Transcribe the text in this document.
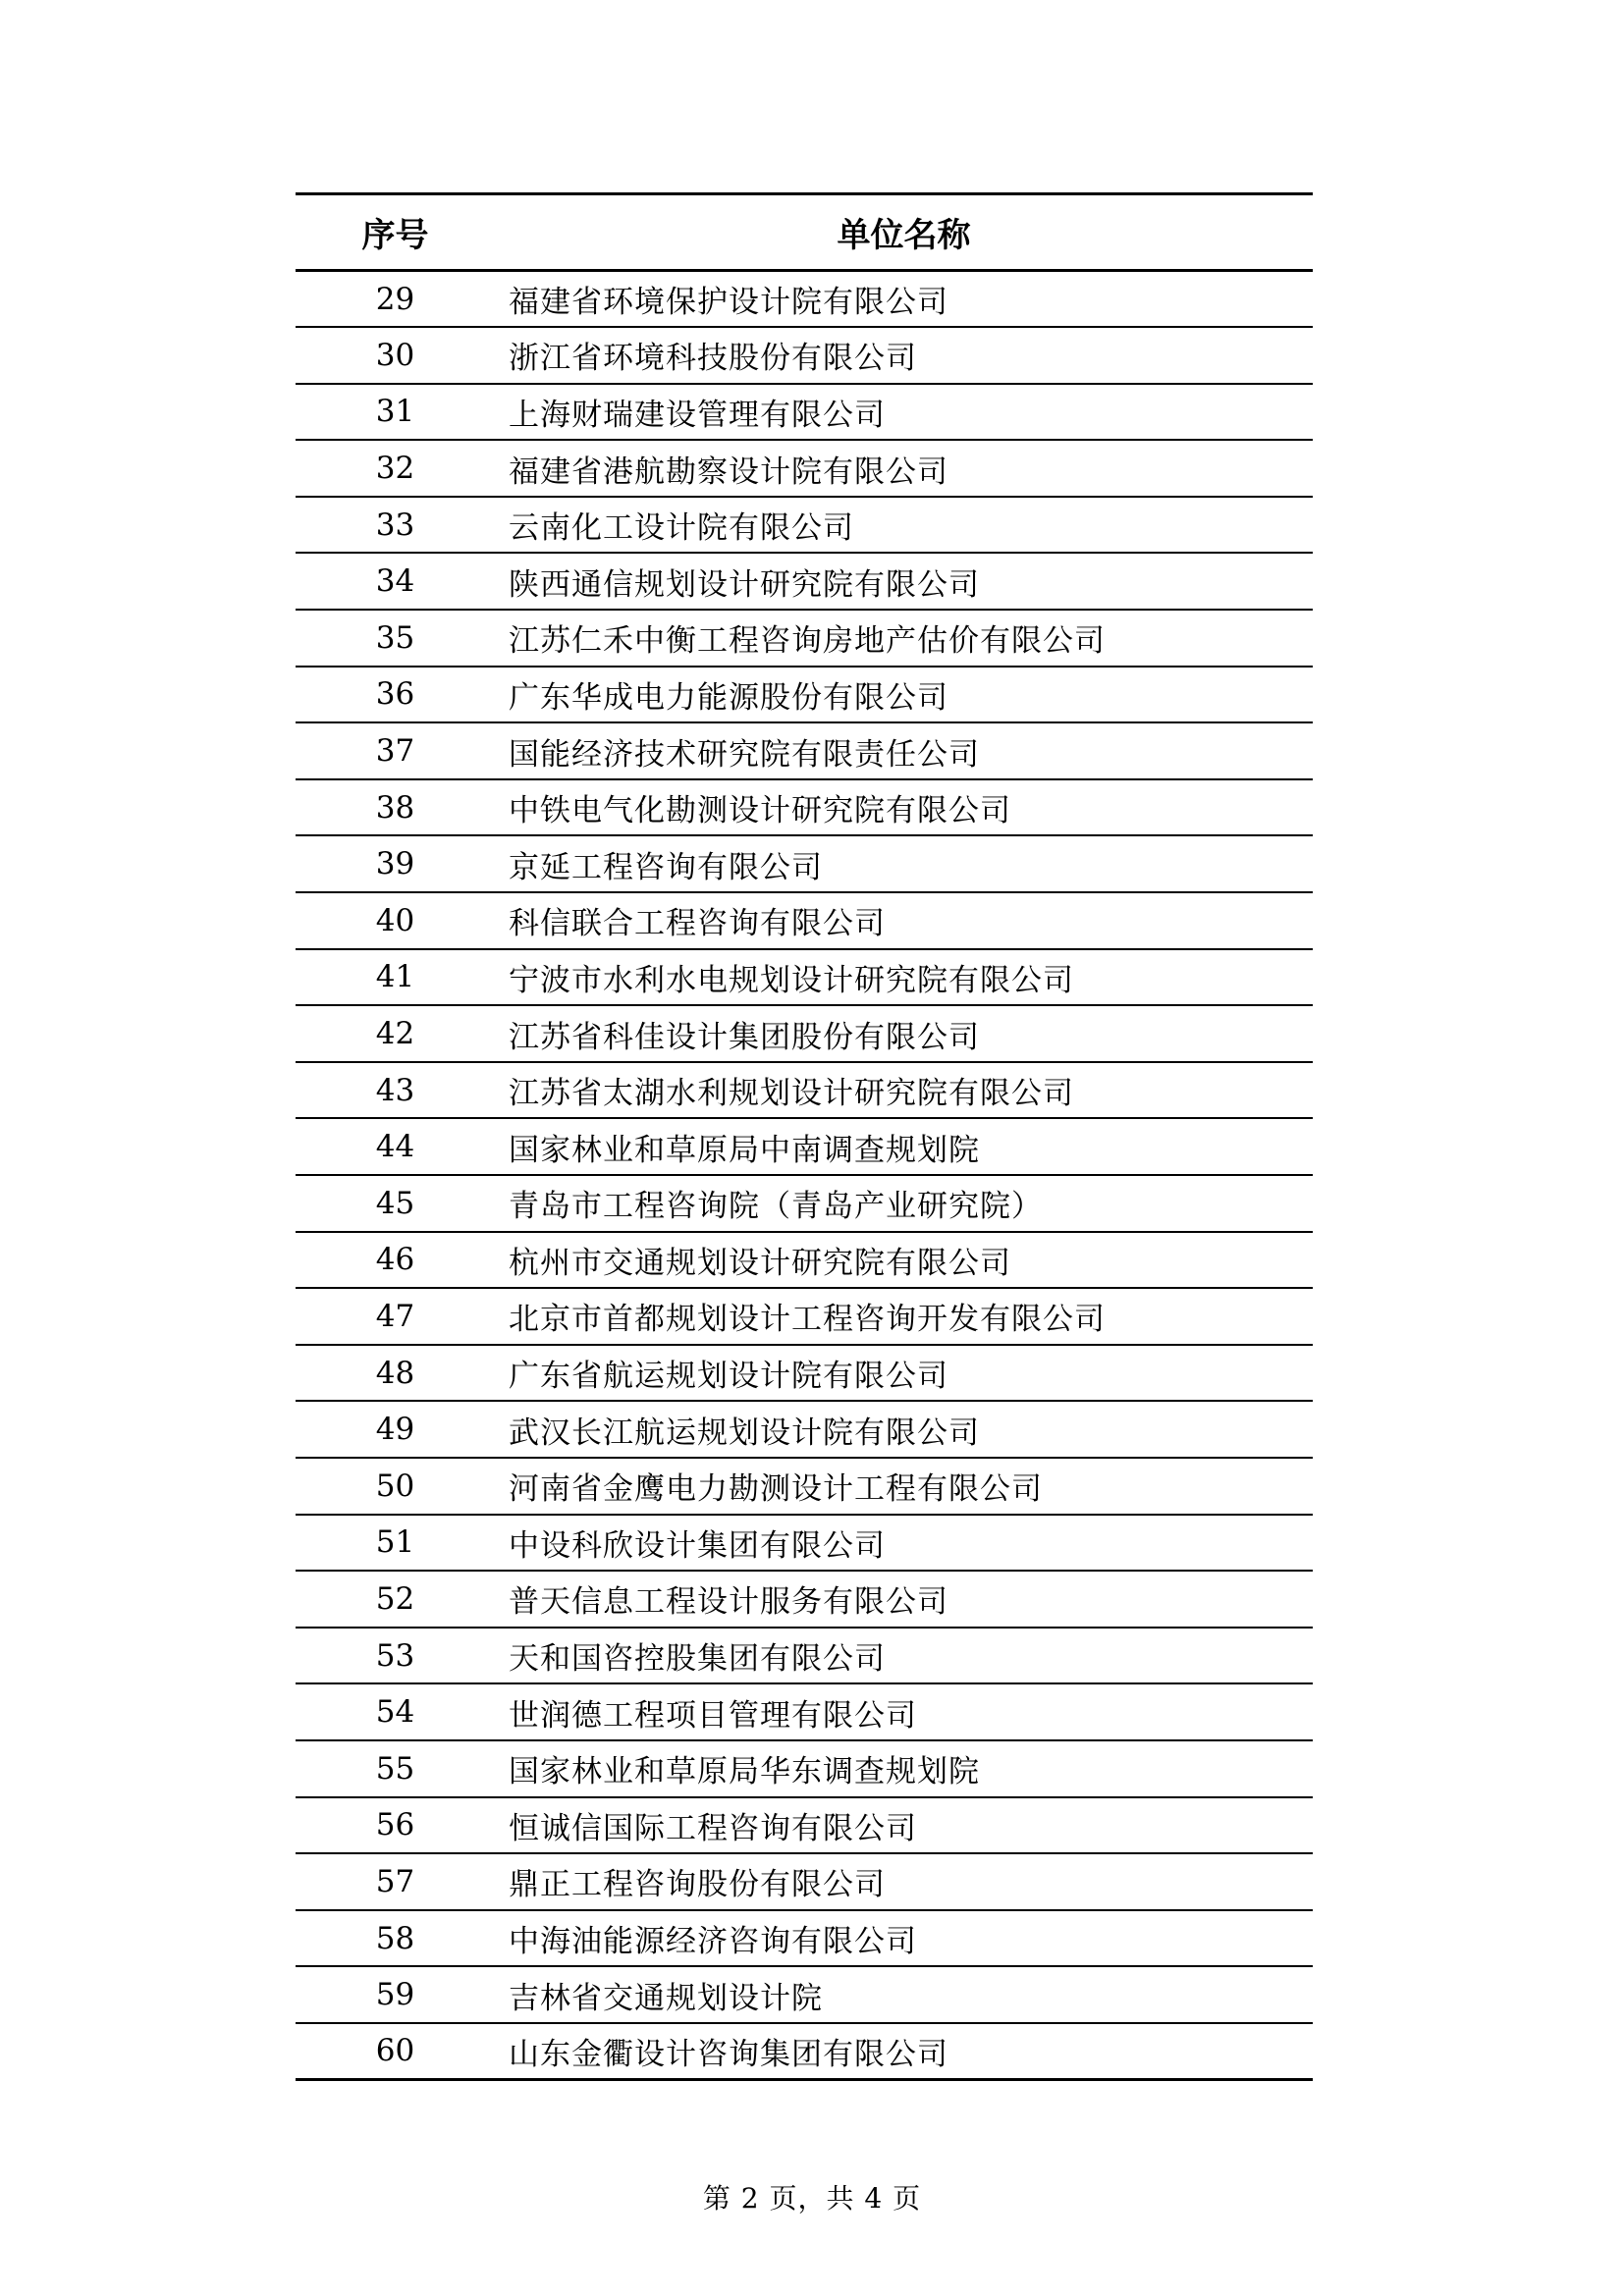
序号	单位名称
29	福建省环境保护设计院有限公司
30	浙江省环境科技股份有限公司
31	上海财瑞建设管理有限公司
32	福建省港航勘察设计院有限公司
33	云南化工设计院有限公司
34	陕西通信规划设计研究院有限公司
35	江苏仁禾中衡工程咨询房地产估价有限公司
36	广东华成电力能源股份有限公司
37	国能经济技术研究院有限责任公司
38	中铁电气化勘测设计研究院有限公司
39	京延工程咨询有限公司
40	科信联合工程咨询有限公司
41	宁波市水利水电规划设计研究院有限公司
42	江苏省科佳设计集团股份有限公司
43	江苏省太湖水利规划设计研究院有限公司
44	国家林业和草原局中南调查规划院
45	青岛市工程咨询院（青岛产业研究院）
46	杭州市交通规划设计研究院有限公司
47	北京市首都规划设计工程咨询开发有限公司
48	广东省航运规划设计院有限公司
49	武汉长江航运规划设计院有限公司
50	河南省金鹰电力勘测设计工程有限公司
51	中设科欣设计集团有限公司
52	普天信息工程设计服务有限公司
53	天和国咨控股集团有限公司
54	世润德工程项目管理有限公司
55	国家林业和草原局华东调查规划院
56	恒诚信国际工程咨询有限公司
57	鼎正工程咨询股份有限公司
58	中海油能源经济咨询有限公司
59	吉林省交通规划设计院
60	山东金衢设计咨询集团有限公司
第 2 页，共 4 页
